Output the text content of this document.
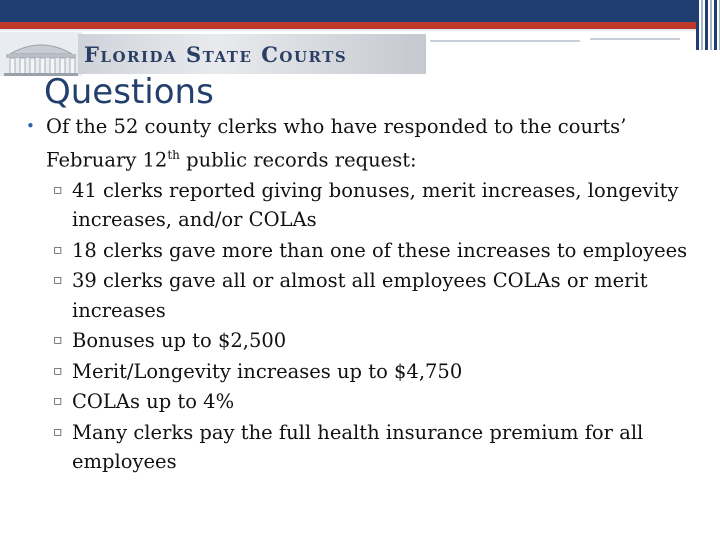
Florida State Courts
Questions
• Of the 52 county clerks who have responded to the courts’ February 12th public records request:
▫ 41 clerks reported giving bonuses, merit increases, longevity increases, and/or COLAs
▫ 18 clerks gave more than one of these increases to employees
▫ 39 clerks gave all or almost all employees COLAs or merit increases
▫ Bonuses up to $2,500
▫ Merit/Longevity increases up to $4,750
▫ COLAs up to 4%
▫ Many clerks pay the full health insurance premium for all employees
